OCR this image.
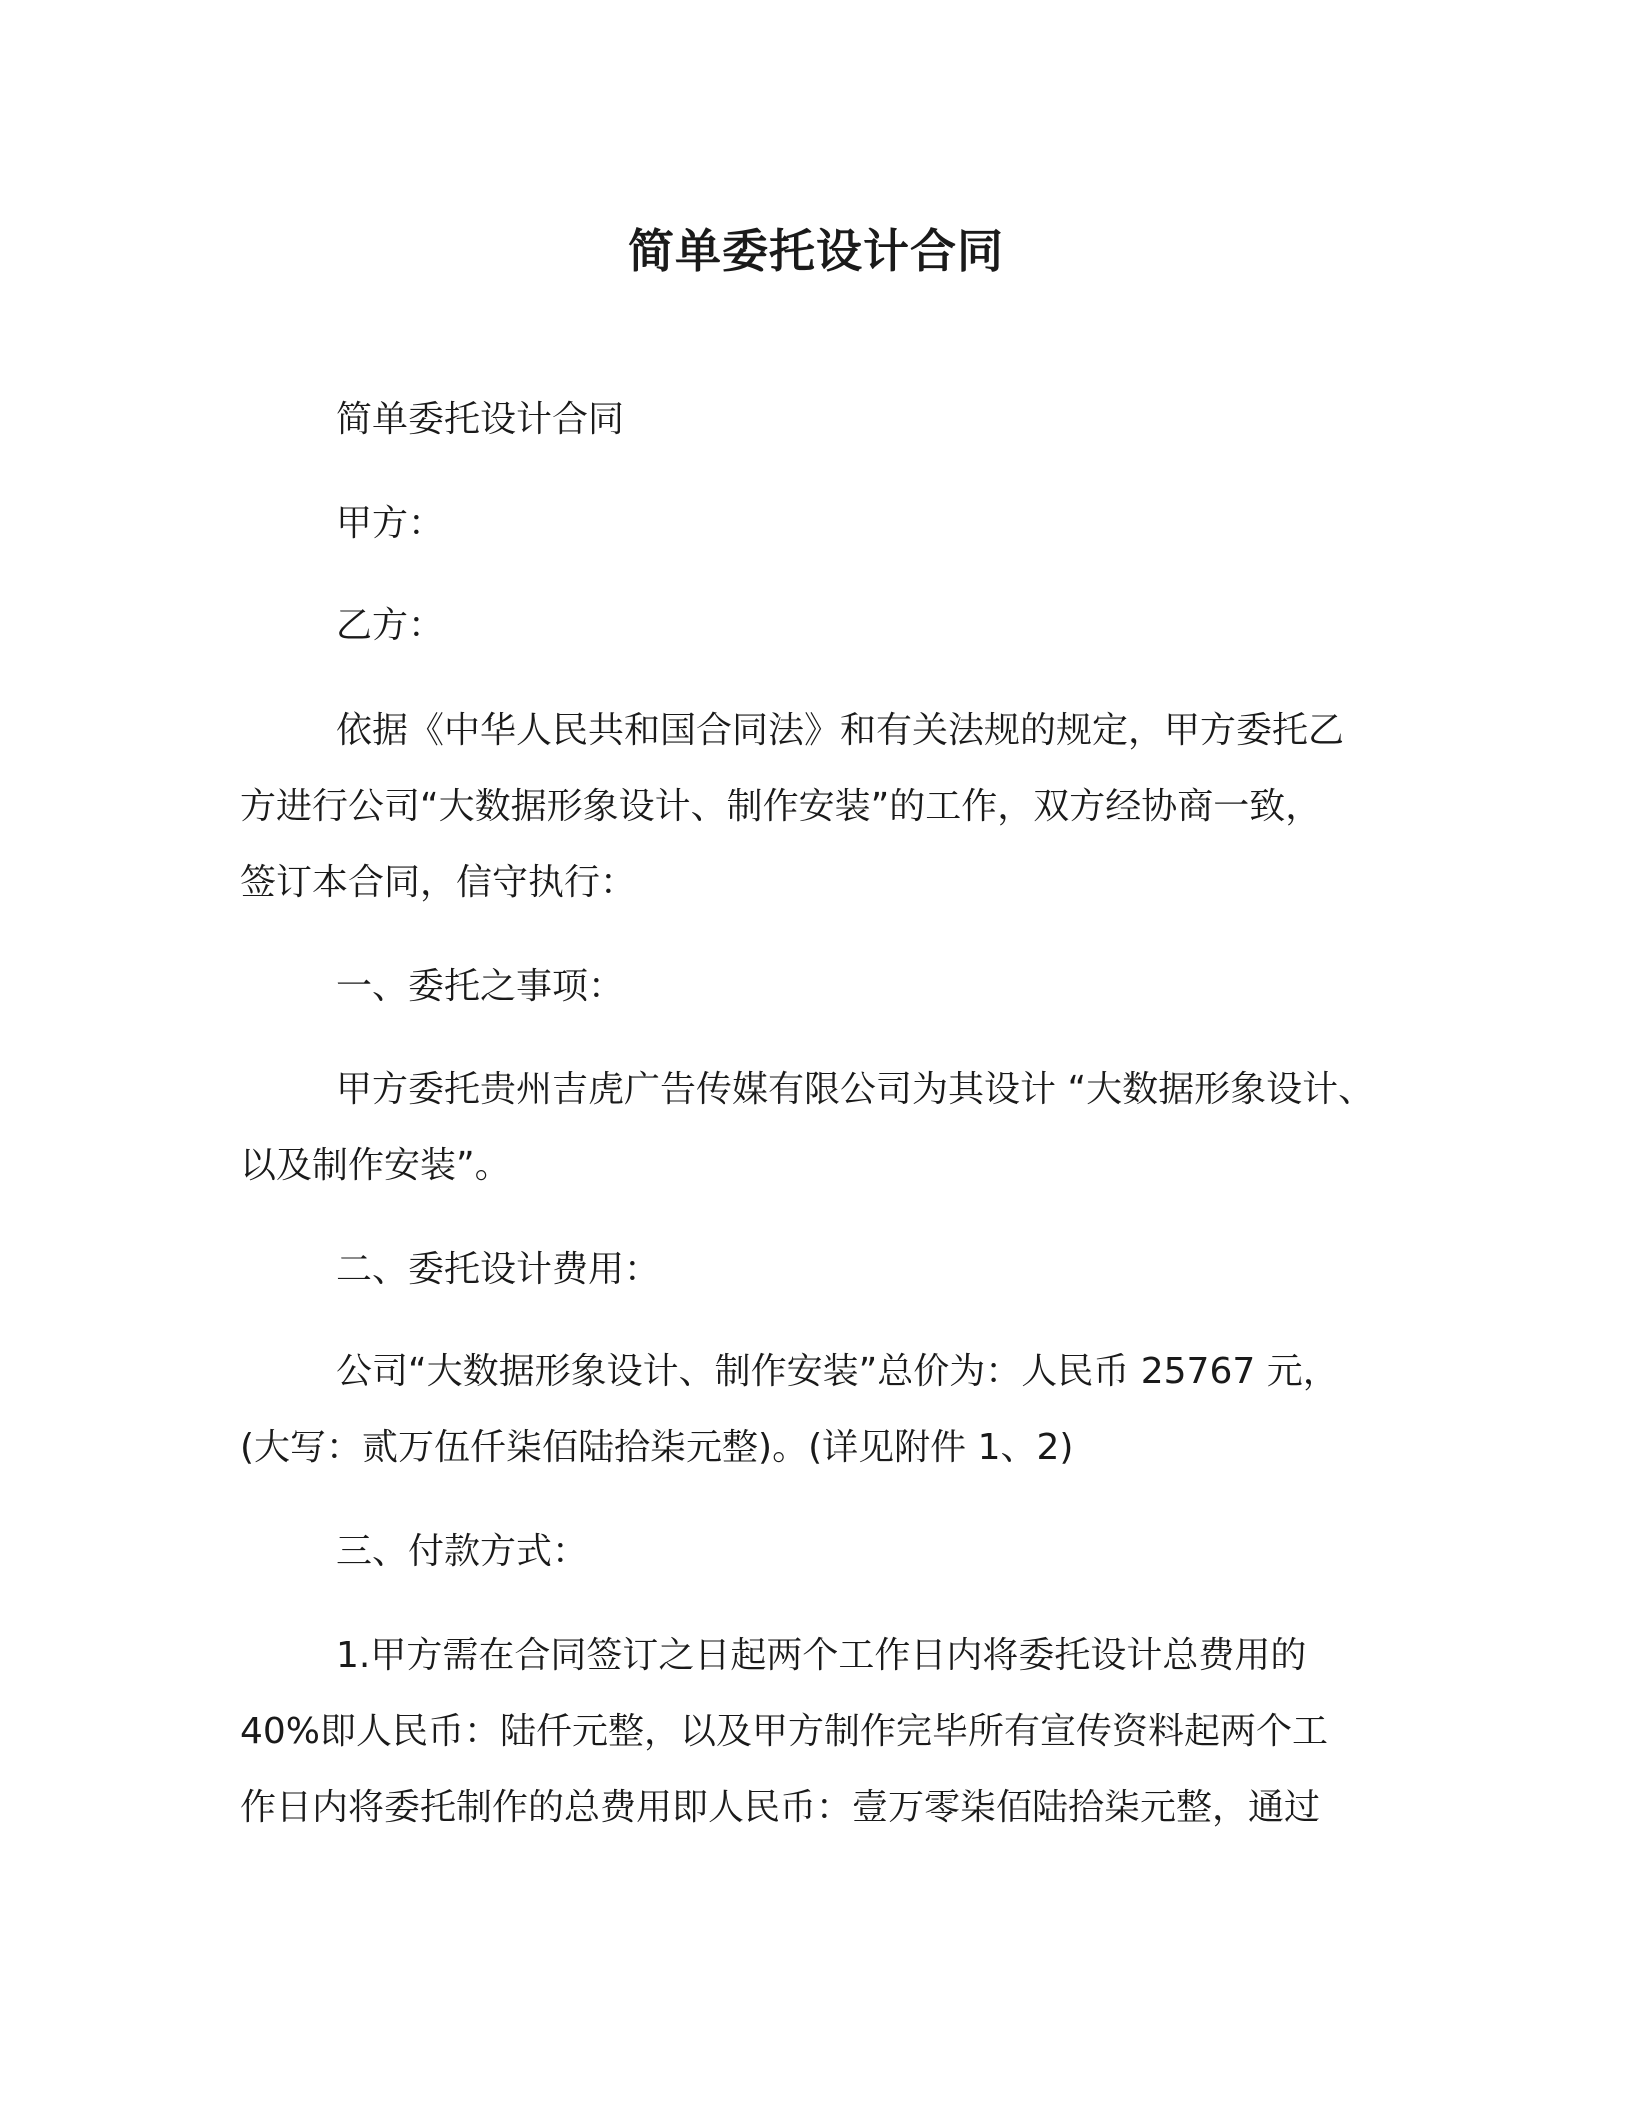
简单委托设计合同

简单委托设计合同

甲方：

乙方：

依据《中华人民共和国合同法》和有关法规的规定，甲方委托乙
方进行公司“大数据形象设计、制作安装”的工作，双方经协商一致，
签订本合同，信守执行：

一、委托之事项：

甲方委托贵州吉虎广告传媒有限公司为其设计 “大数据形象设计、
以及制作安装”。

二、委托设计费用：

公司“大数据形象设计、制作安装”总价为：人民币 25767 元，
(大写：贰万伍仟柒佰陆拾柒元整)。(详见附件 1、2)

三、付款方式：

1.甲方需在合同签订之日起两个工作日内将委托设计总费用的
40%即人民币：陆仟元整，以及甲方制作完毕所有宣传资料起两个工
作日内将委托制作的总费用即人民币：壹万零柒佰陆拾柒元整，通过
